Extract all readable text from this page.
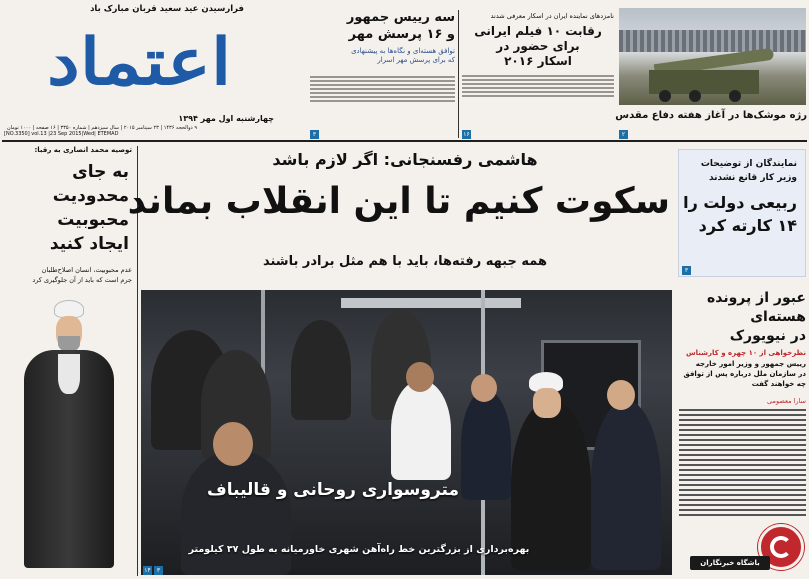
فرارسیدن عید سعید قربان مبارک باد
اعتماد
چهارشنبه اول مهر ۱۳۹۴
۹ ذوالحجه ۱۴۳۶ | ۲۳ سپتامبر ۲۰۱۵ | سال سیزدهم | شماره ۳۳۵۰ | ۱۶ صفحه | ۱۰۰۰ تومان
[NO.3350] vol.13 |23 Sep 2015|Wed| ETEMAD
سه رییس جمهور
و ۱۶ پرسش مهر
توافق هسته‌ای و نگاه‌ها به پیشنهادی
که برای پرسش مهر اسرار
۳
نامزدهای نماینده ایران در اسکار معرفی شدند
رقابت ۱۰ فیلم ایرانی
برای حضور در
اسکار ۲۰۱۶
۱۶
رژه موشک‌ها در آغاز هفته دفاع مقدس
۲
توصیه محمد انصاری به رقبا:
به جای
محدودیت
محبوبیت
ایجاد کنید
عدم محبوبیت، انسان اصلاح‌طلبان
جرم است که باید از آن جلوگیری کرد
هاشمی رفسنجانی: اگر لازم باشد
سکوت کنیم تا این انقلاب بماند
همه جبهه رفته‌ها، باید با هم مثل برادر باشند
نمایندگان از توضیحات
وزیر کار قانع نشدند
ربیعی دولت را
۱۴ کارته کرد
۳
عبور از پرونده
هسته‌ای
در نیویورک
نظرخواهی از ۱۰ چهره و کارشناس
رییس جمهور و وزیر امور خارجه
در سازمان ملل درباره پس از توافق
چه خواهند گفت
سارا معصومی
متروسواری روحانی و قالیباف
بهره‌برداری از بزرگترین خط راه‌آهن شهری خاورمیانه به طول ۳۷ کیلومتر
۱۴	۳
باشگاه خبرنگاران
